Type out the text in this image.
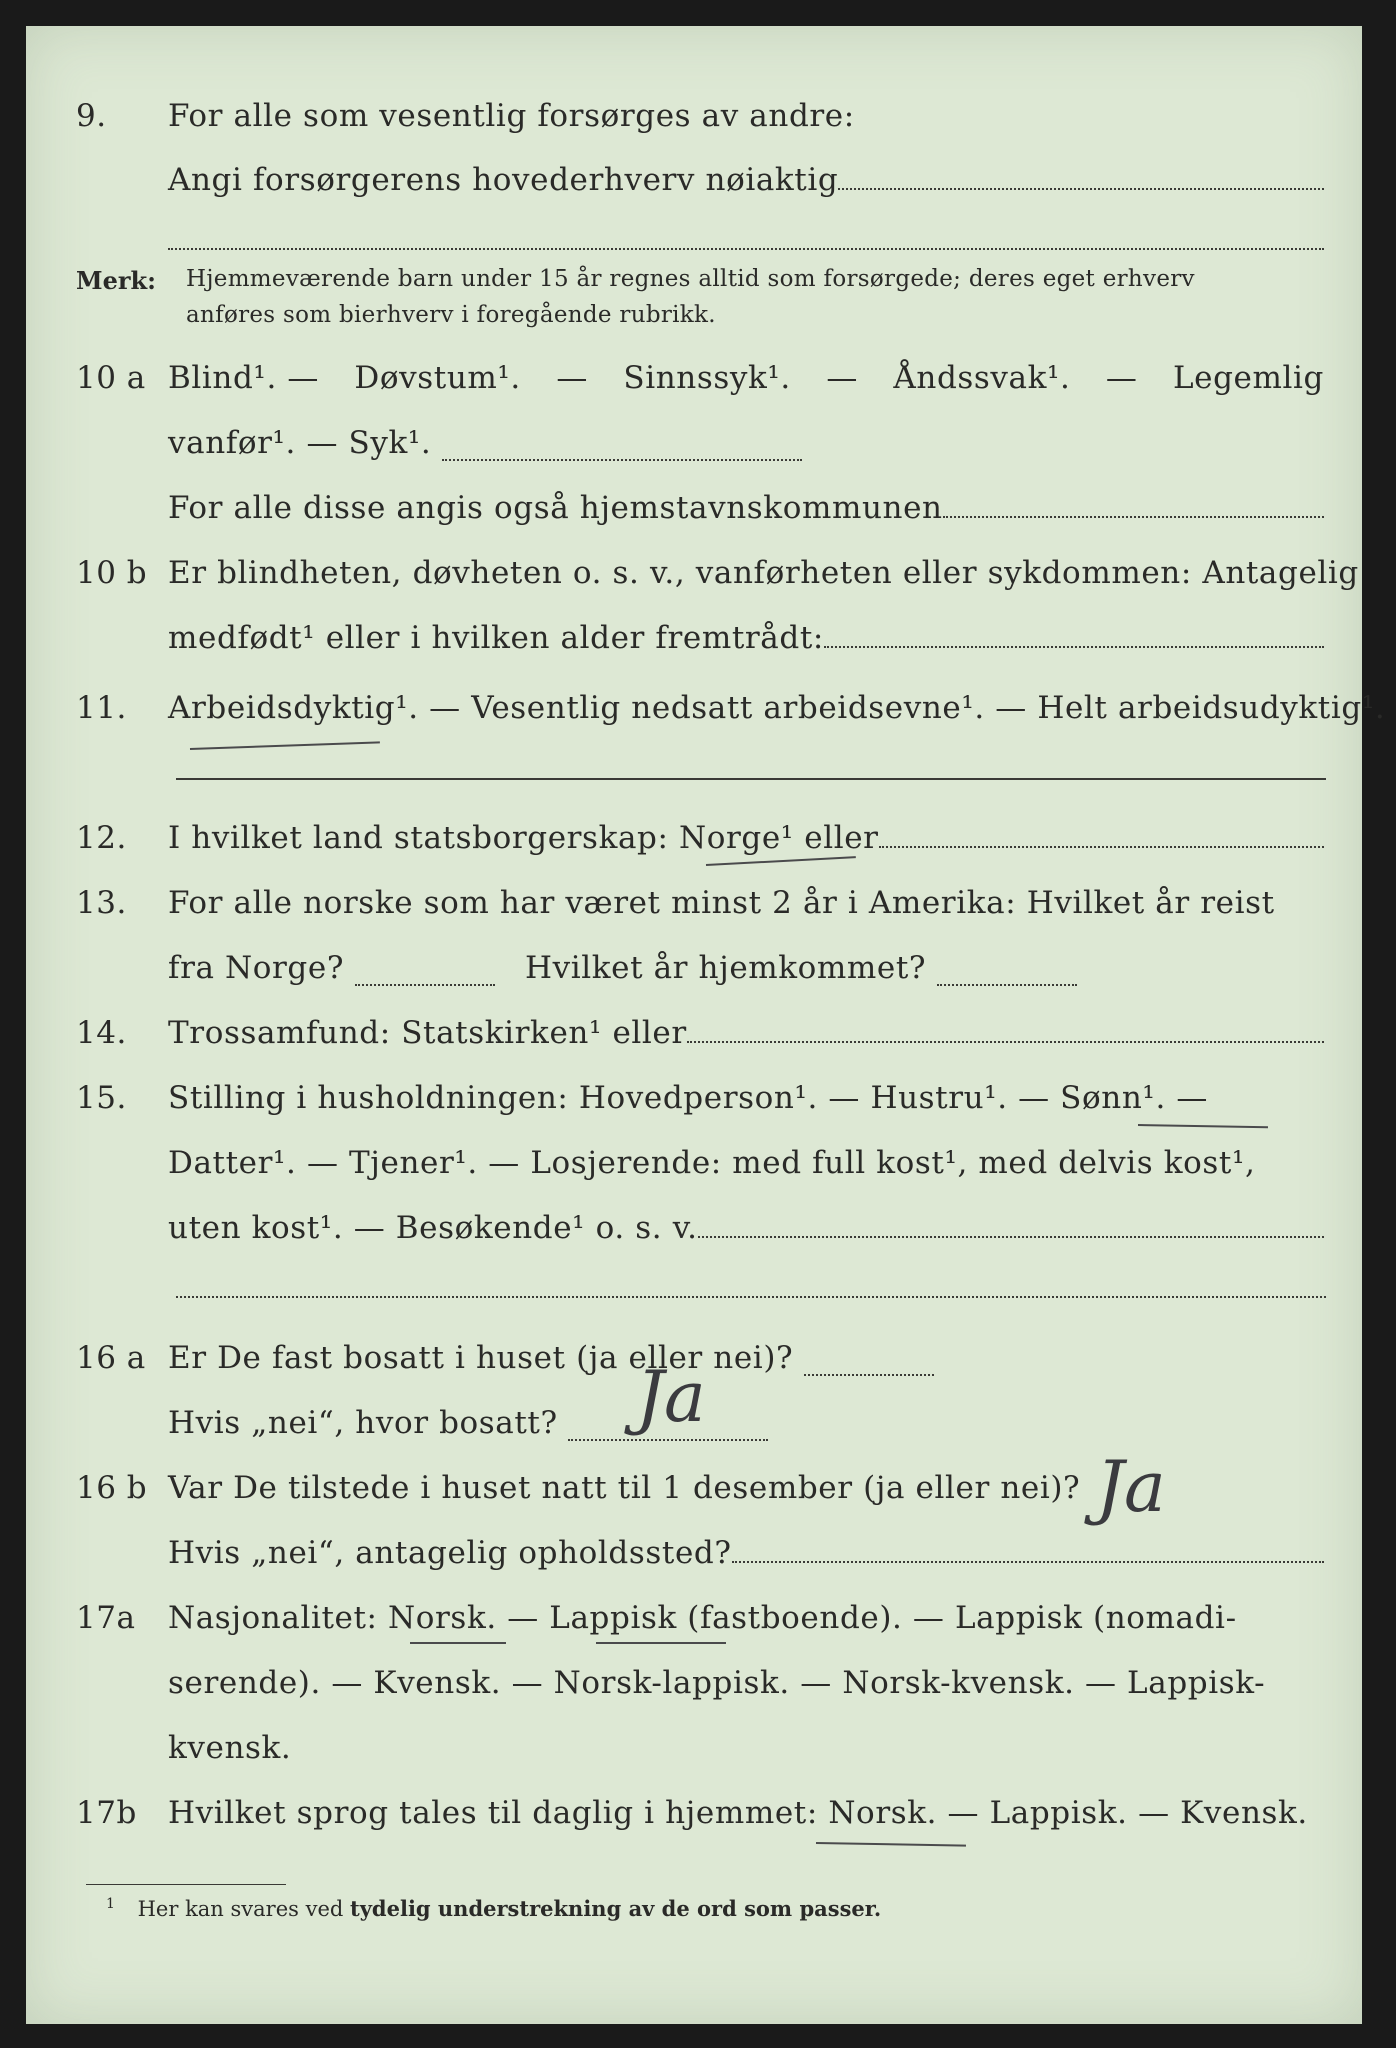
9. For alle som vesentlig forsørges av andre:
Angi forsørgerens hovederhverv nøiaktig
Merk: Hjemmeværende barn under 15 år regnes alltid som forsørgede; deres eget erhverv
anføres som bierhverv i foregående rubrikk.
10 a Blind¹. — Døvstum¹. — Sinnssyk¹. — Åndssvak¹. — Legemlig
vanfør¹. — Syk¹.
For alle disse angis også hjemstavnskommunen
10 b Er blindheten, døvheten o. s. v., vanførheten eller sykdommen: Antagelig
medfødt¹ eller i hvilken alder fremtrådt:
11. Arbeidsdyktig¹. — Vesentlig nedsatt arbeidsevne¹. — Helt arbeidsudyktig¹.
12. I hvilket land statsborgerskap: Norge¹ eller
13. For alle norske som har været minst 2 år i Amerika: Hvilket år reist
fra Norge?	Hvilket år hjemkommet?
14. Trossamfund: Statskirken¹ eller
15. Stilling i husholdningen: Hovedperson¹. — Hustru¹. — Sønn¹. —
Datter¹. — Tjener¹. — Losjerende: med full kost¹, med delvis kost¹,
uten kost¹. — Besøkende¹ o. s. v.
16 a Er De fast bosatt i huset (ja eller nei)?
Hvis „nei“, hvor bosatt?	Ja
16 b Var De tilstede i huset natt til 1 desember (ja eller nei)? Ja
Hvis „nei“, antagelig opholdssted?
17a Nasjonalitet: Norsk. — Lappisk (fastboende). — Lappisk (nomadi-
serende). — Kvensk. — Norsk-lappisk. — Norsk-kvensk. — Lappisk-
kvensk.
17b Hvilket sprog tales til daglig i hjemmet: Norsk. — Lappisk. — Kvensk.
$^1$ Her kan svares ved tydelig understrekning av de ord som passer.
